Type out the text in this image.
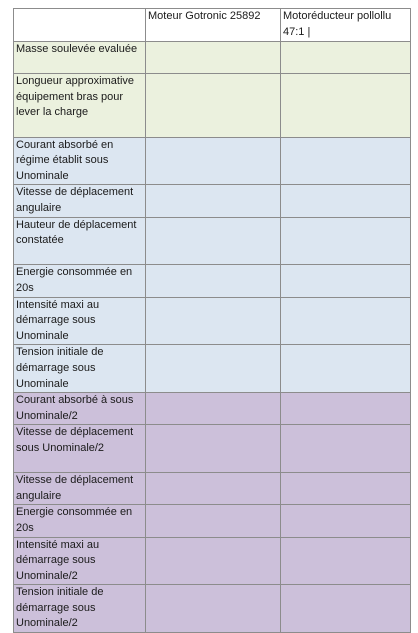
	Moteur Gotronic 25892	Motoréducteur pollollu 47:1 |
Masse soulevée evaluée		
Longueur approximative équipement bras pour lever la charge		
Courant absorbé en régime établit sous Unominale		
Vitesse de déplacement angulaire		
Hauteur de déplacement constatée		
Energie consommée en 20s		
Intensité maxi au démarrage sous Unominale		
Tension initiale de démarrage sous Unominale		
Courant absorbé à sous Unominale/2		
Vitesse de déplacement sous Unominale/2		
Vitesse de déplacement angulaire		
Energie consommée en 20s		
Intensité maxi au démarrage sous Unominale/2		
Tension initiale de démarrage sous Unominale/2		
